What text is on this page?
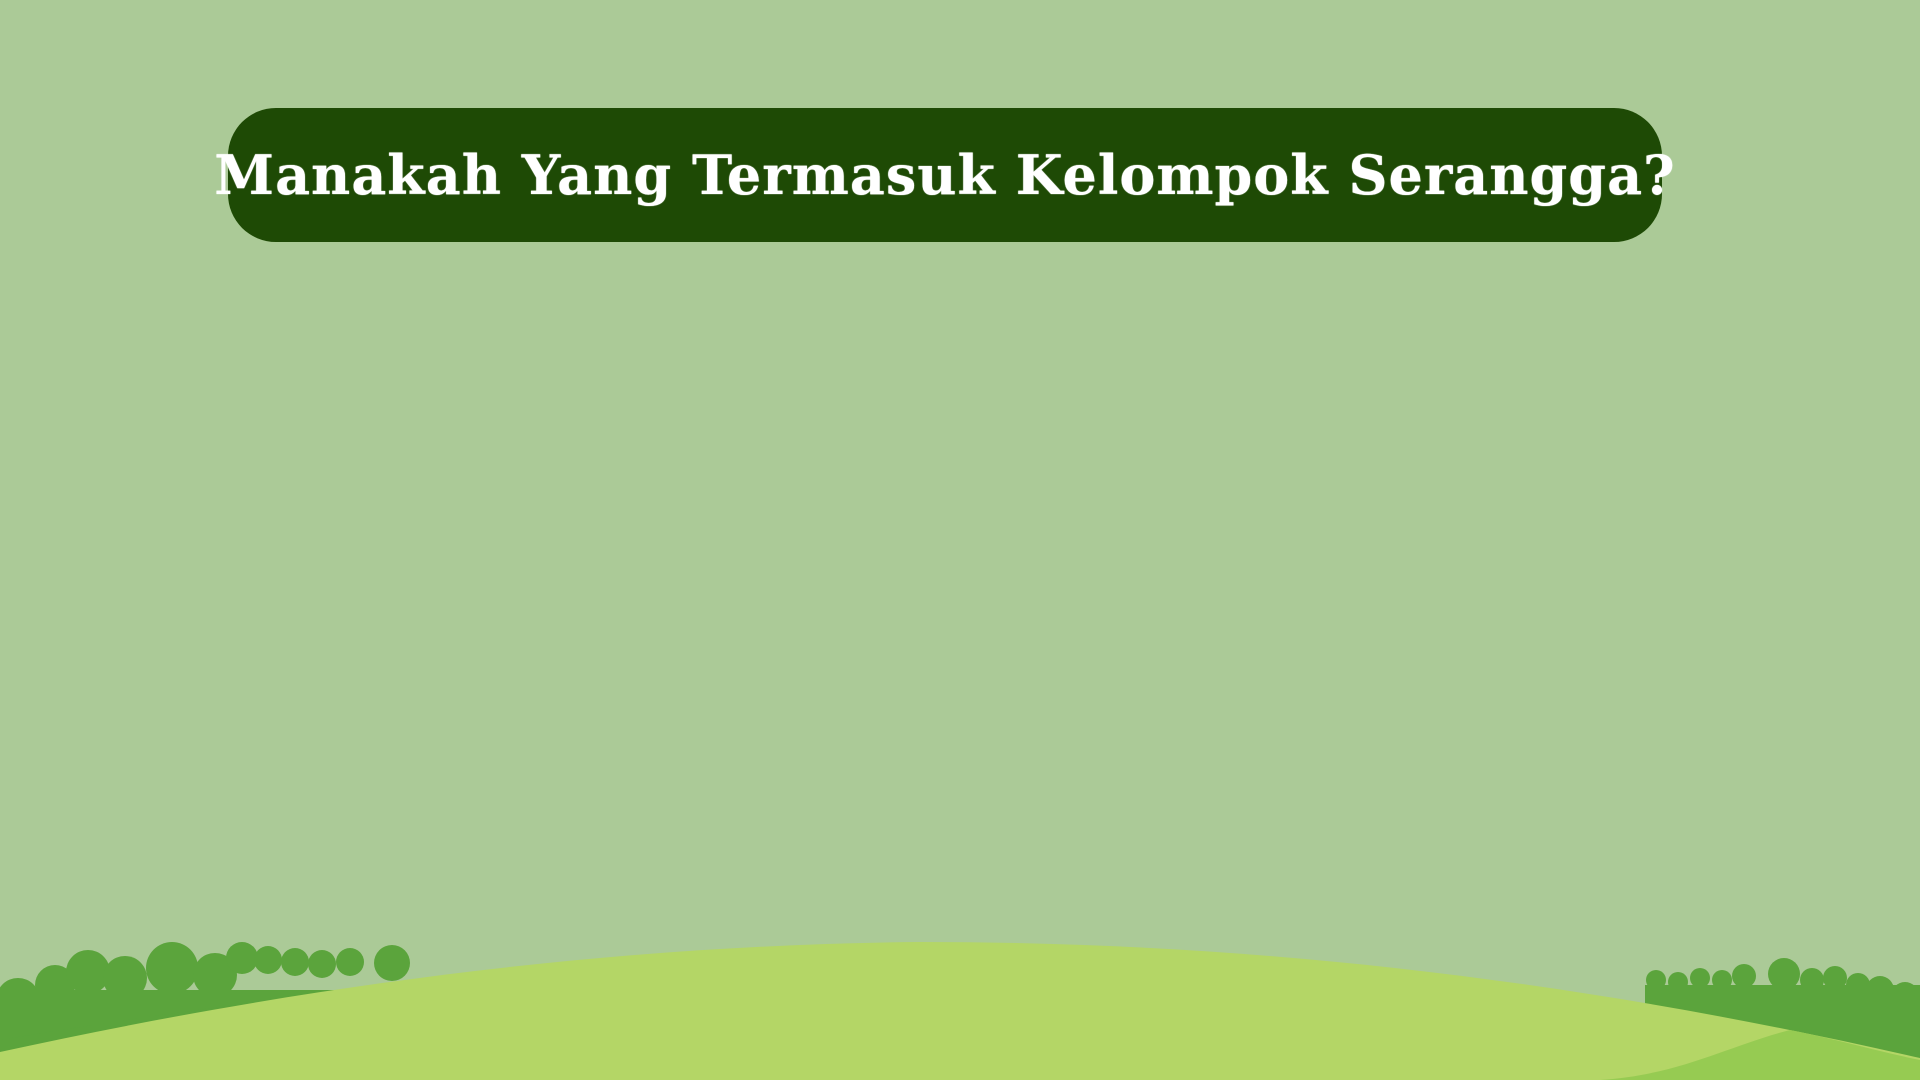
Manakah Yang Termasuk Kelompok Serangga?
